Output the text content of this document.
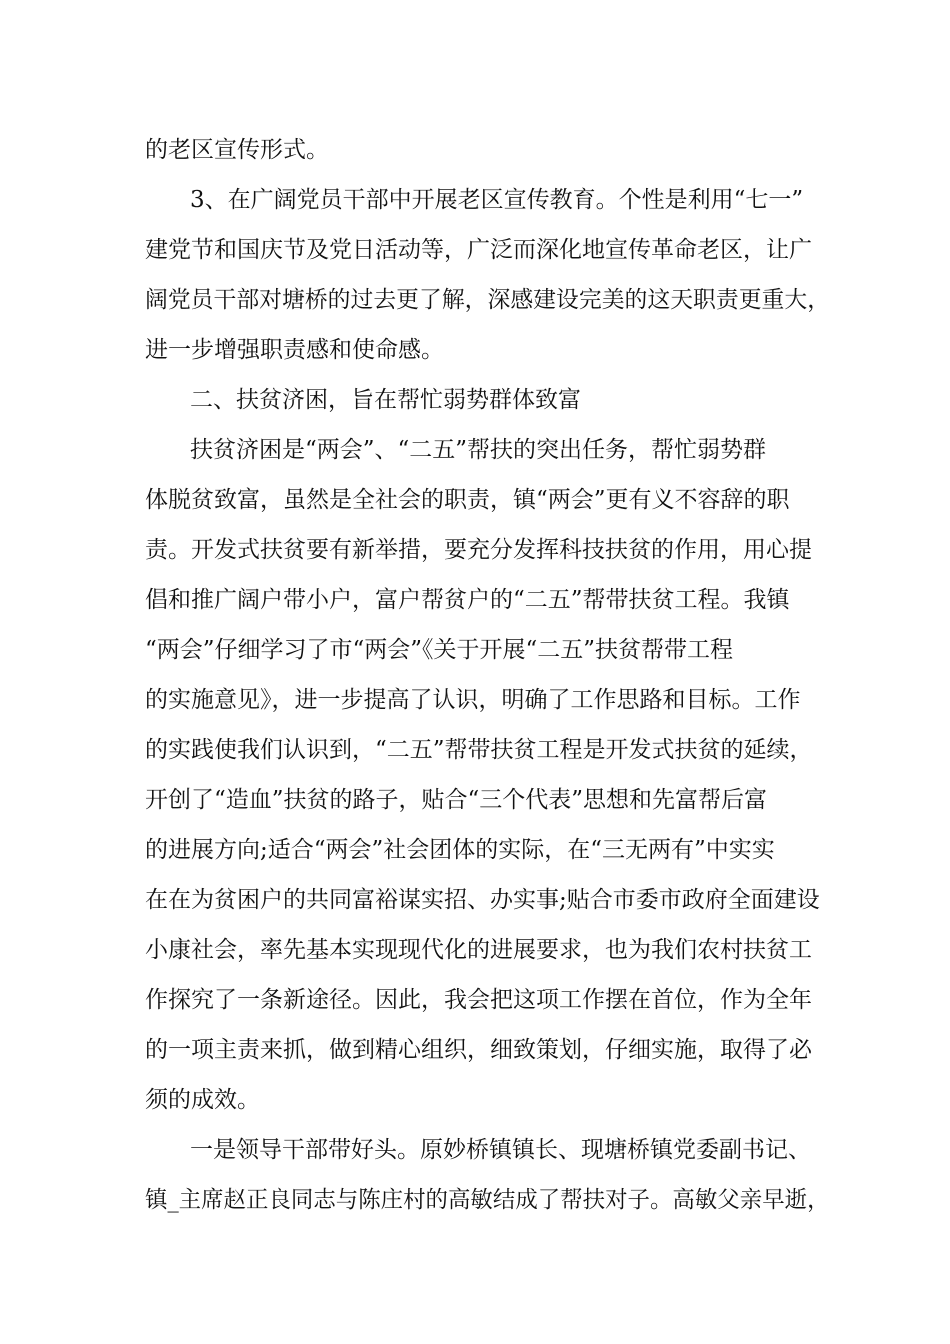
的老区宣传形式。
3、在广阔党员干部中开展老区宣传教育。个性是利用“七一”
建党节和国庆节及党日活动等，广泛而深化地宣传革命老区，让广
阔党员干部对塘桥的过去更了解，深感建设完美的这天职责更重大，
进一步增强职责感和使命感。
二、扶贫济困，旨在帮忙弱势群体致富
扶贫济困是“两会”、“二五”帮扶的突出任务，帮忙弱势群
体脱贫致富，虽然是全社会的职责，镇“两会”更有义不容辞的职
责。开发式扶贫要有新举措，要充分发挥科技扶贫的作用，用心提
倡和推广阔户带小户，富户帮贫户的“二五”帮带扶贫工程。我镇
“两会”仔细学习了市“两会”《关于开展“二五”扶贫帮带工程
的实施意见》，进一步提高了认识，明确了工作思路和目标。工作
的实践使我们认识到，“二五”帮带扶贫工程是开发式扶贫的延续，
开创了“造血”扶贫的路子，贴合“三个代表”思想和先富帮后富
的进展方向;适合“两会”社会团体的实际，在“三无两有”中实实
在在为贫困户的共同富裕谋实招、办实事;贴合市委市政府全面建设
小康社会，率先基本实现现代化的进展要求，也为我们农村扶贫工
作探究了一条新途径。因此，我会把这项工作摆在首位，作为全年
的一项主责来抓，做到精心组织，细致策划，仔细实施，取得了必
须的成效。
一是领导干部带好头。原妙桥镇镇长、现塘桥镇党委副书记、
镇_主席赵正良同志与陈庄村的高敏结成了帮扶对子。高敏父亲早逝，
